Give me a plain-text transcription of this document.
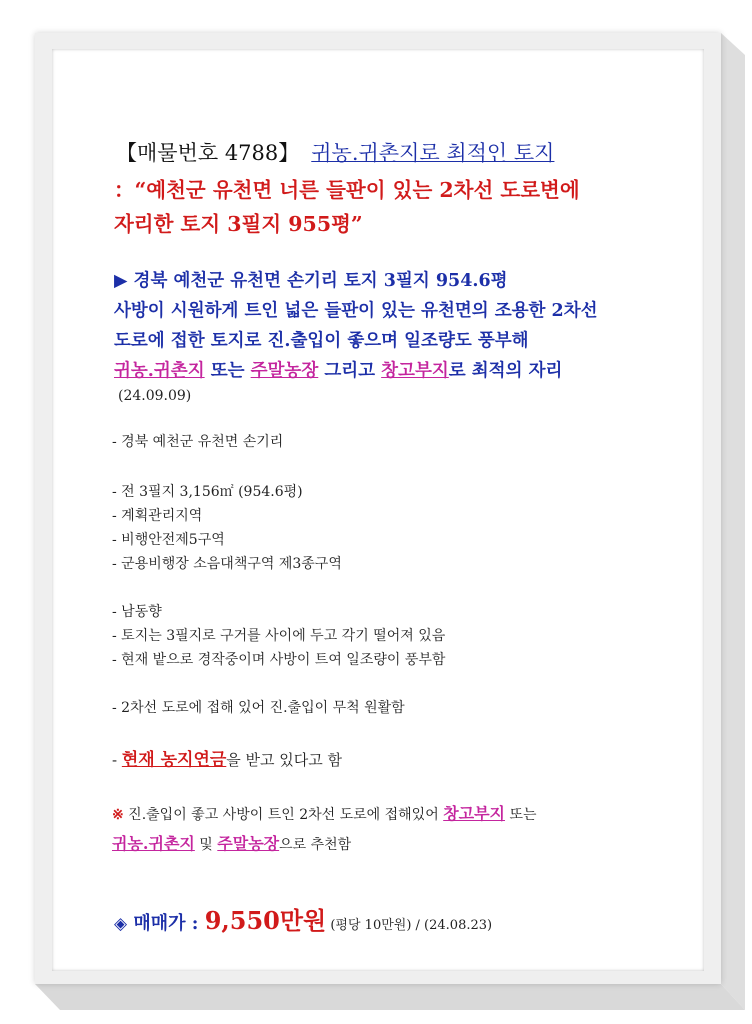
【매물번호 4788】 귀농.귀촌지로 최적인 토지
：“예천군 유천면 너른 들판이 있는 2차선 도로변에
자리한 토지 3필지 955평”
▶ 경북 예천군 유천면 손기리 토지 3필지 954.6평
사방이 시원하게 트인 넓은 들판이 있는 유천면의 조용한 2차선
도로에 접한 토지로 진.출입이 좋으며 일조량도 풍부해
귀농.귀촌지 또는 주말농장 그리고 창고부지로 최적의 자리
(24.09.09)
- 경북 예천군 유천면 손기리
- 전 3필지 3,156㎡ (954.6평)
- 계획관리지역
- 비행안전제5구역
- 군용비행장 소음대책구역 제3종구역
- 남동향
- 토지는 3필지로 구거를 사이에 두고 각기 떨어져 있음
- 현재 밭으로 경작중이며 사방이 트여 일조량이 풍부함
- 2차선 도로에 접해 있어 진.출입이 무척 원활함
- 현재 농지연금을 받고 있다고 함
※ 진.출입이 좋고 사방이 트인 2차선 도로에 접해있어 창고부지 또는
귀농.귀촌지 및 주말농장으로 추천함
◈ 매매가 : 9,550만원 (평당 10만원) / (24.08.23)
